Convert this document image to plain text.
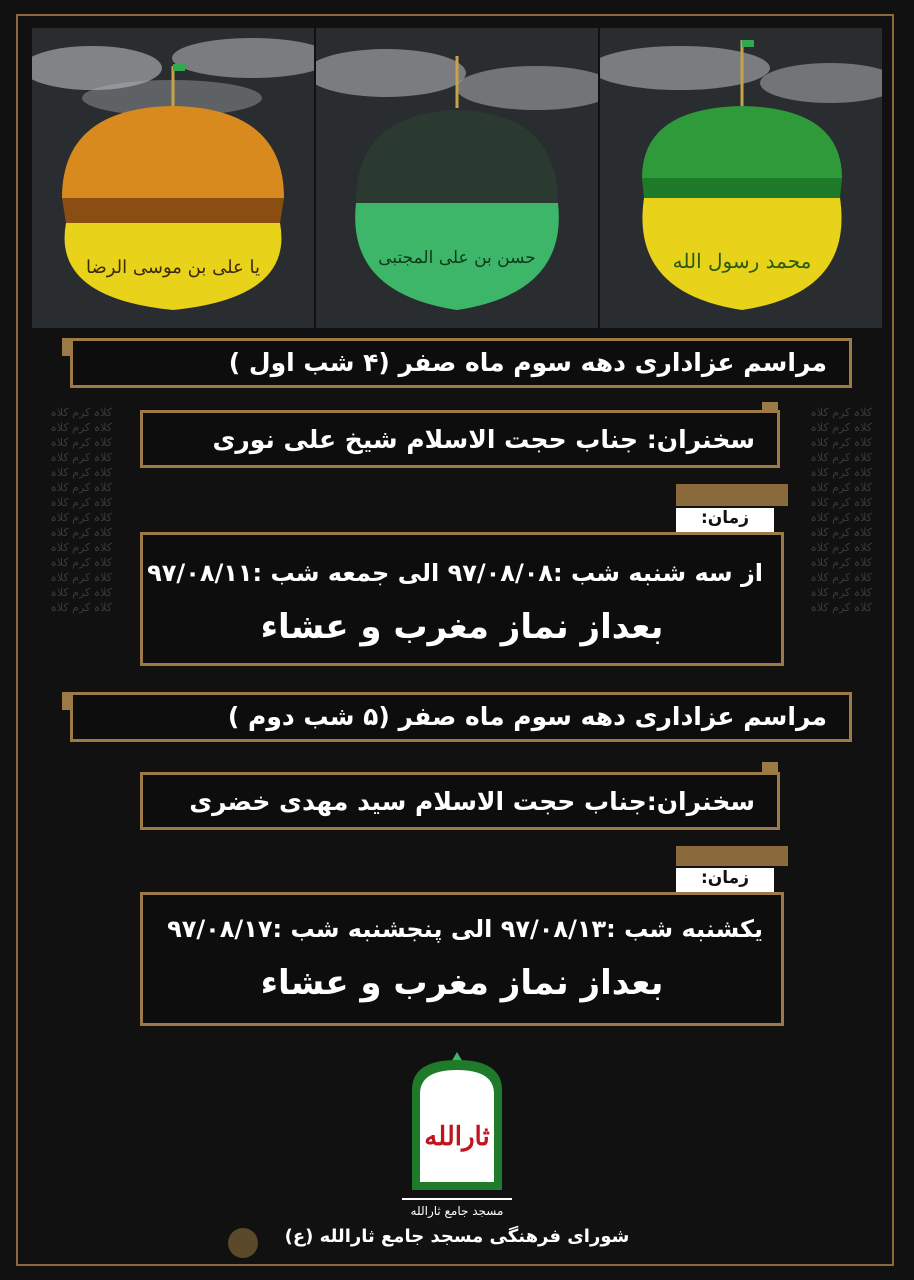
یا علی بن موسی الرضا	حسن بن علی المجتبی	محمد رسول الله
کلاہ کرم کلاہ
کلاہ کرم کلاہ
کلاہ کرم کلاہ
کلاہ کرم کلاہ
کلاہ کرم کلاہ
کلاہ کرم کلاہ
کلاہ کرم کلاہ
کلاہ کرم کلاہ
کلاہ کرم کلاہ
کلاہ کرم کلاہ
کلاہ کرم کلاہ
کلاہ کرم کلاہ
کلاہ کرم کلاہ
کلاہ کرم کلاہ
کلاہ کرم کلاہ
کلاہ کرم کلاہ
کلاہ کرم کلاہ
کلاہ کرم کلاہ
کلاہ کرم کلاہ
کلاہ کرم کلاہ
کلاہ کرم کلاہ
کلاہ کرم کلاہ
کلاہ کرم کلاہ
کلاہ کرم کلاہ
کلاہ کرم کلاہ
کلاہ کرم کلاہ
کلاہ کرم کلاہ
کلاہ کرم کلاہ
مراسم عزاداری دهه سوم ماه صفر (۴ شب اول )
سخنران: جناب حجت الاسلام شیخ علی نوری
زمان:
از سه شنبه شب :۹۷/۰۸/۰۸ الی جمعه شب :۹۷/۰۸/۱۱
بعداز نماز مغرب و عشاء
مراسم عزاداری دهه سوم ماه صفر (۵ شب دوم )
سخنران:جناب حجت الاسلام سید مهدی خضری
زمان:
یکشنبه شب :۹۷/۰۸/۱۳ الی پنجشنبه شب :۹۷/۰۸/۱۷
بعداز نماز مغرب و عشاء
ثارالله
مسجد جامع ثارالله
شورای فرهنگی مسجد جامع ثارالله (ع)
